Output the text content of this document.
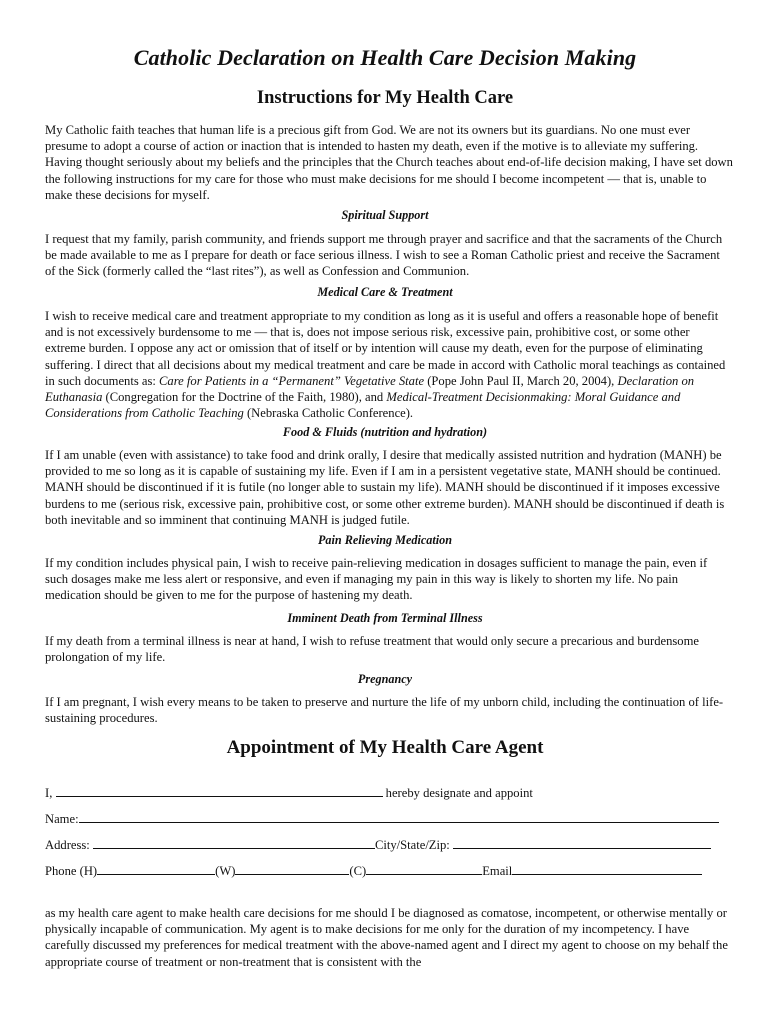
Catholic Declaration on Health Care Decision Making
Instructions for My Health Care

My Catholic faith teaches that human life is a precious gift from God. We are not its owners but its guardians. No one must ever presume to adopt a course of action or inaction that is intended to hasten my death, even if the motive is to alleviate my suffering. Having thought seriously about my beliefs and the principles that the Church teaches about end-of-life decision making, I have set down the following instructions for my care for those who must make decisions for me should I become incompetent — that is, unable to make these decisions for myself.

Spiritual Support

I request that my family, parish community, and friends support me through prayer and sacrifice and that the sacraments of the Church be made available to me as I prepare for death or face serious illness. I wish to see a Roman Catholic priest and receive the Sacrament of the Sick (formerly called the “last rites”), as well as Confession and Communion.

Medical Care & Treatment

I wish to receive medical care and treatment appropriate to my condition as long as it is useful and offers a reasonable hope of benefit and is not excessively burdensome to me — that is, does not impose serious risk, excessive pain, prohibitive cost, or some other extreme burden. I oppose any act or omission that of itself or by intention will cause my death, even for the purpose of eliminating suffering. I direct that all decisions about my medical treatment and care be made in accord with Catholic moral teachings as contained in such documents as: Care for Patients in a “Permanent” Vegetative State (Pope John Paul II, March 20, 2004), Declaration on Euthanasia (Congregation for the Doctrine of the Faith, 1980), and Medical-Treatment Decisionmaking: Moral Guidance and Considerations from Catholic Teaching (Nebraska Catholic Conference).

Food & Fluids (nutrition and hydration)

If I am unable (even with assistance) to take food and drink orally, I desire that medically assisted nutrition and hydration (MANH) be provided to me so long as it is capable of sustaining my life. Even if I am in a persistent vegetative state, MANH should be continued. MANH should be discontinued if it is futile (no longer able to sustain my life). MANH should be discontinued if it imposes excessive burdens to me (serious risk, excessive pain, prohibitive cost, or some other extreme burden). MANH should be discontinued if death is both inevitable and so imminent that continuing MANH is judged futile.

Pain Relieving Medication

If my condition includes physical pain, I wish to receive pain-relieving medication in dosages sufficient to manage the pain, even if such dosages make me less alert or responsive, and even if managing my pain in this way is likely to shorten my life. No pain medication should be given to me for the purpose of hastening my death.

Imminent Death from Terminal Illness

If my death from a terminal illness is near at hand, I wish to refuse treatment that would only secure a precarious and burdensome prolongation of my life.

Pregnancy

If I am pregnant, I wish every means to be taken to preserve and nurture the life of my unborn child, including the continuation of life-sustaining procedures.

Appointment of My Health Care Agent
I,	hereby designate and appoint
Name:
Address:	City/State/Zip:
Phone (H)	(W)	(C)	Email

as my health care agent to make health care decisions for me should I be diagnosed as comatose, incompetent, or otherwise mentally or physically incapable of communication. My agent is to make decisions for me only for the duration of my incompetency. I have carefully discussed my preferences for medical treatment with the above-named agent and I direct my agent to choose on my behalf the appropriate course of treatment or non-treatment that is consistent with the
